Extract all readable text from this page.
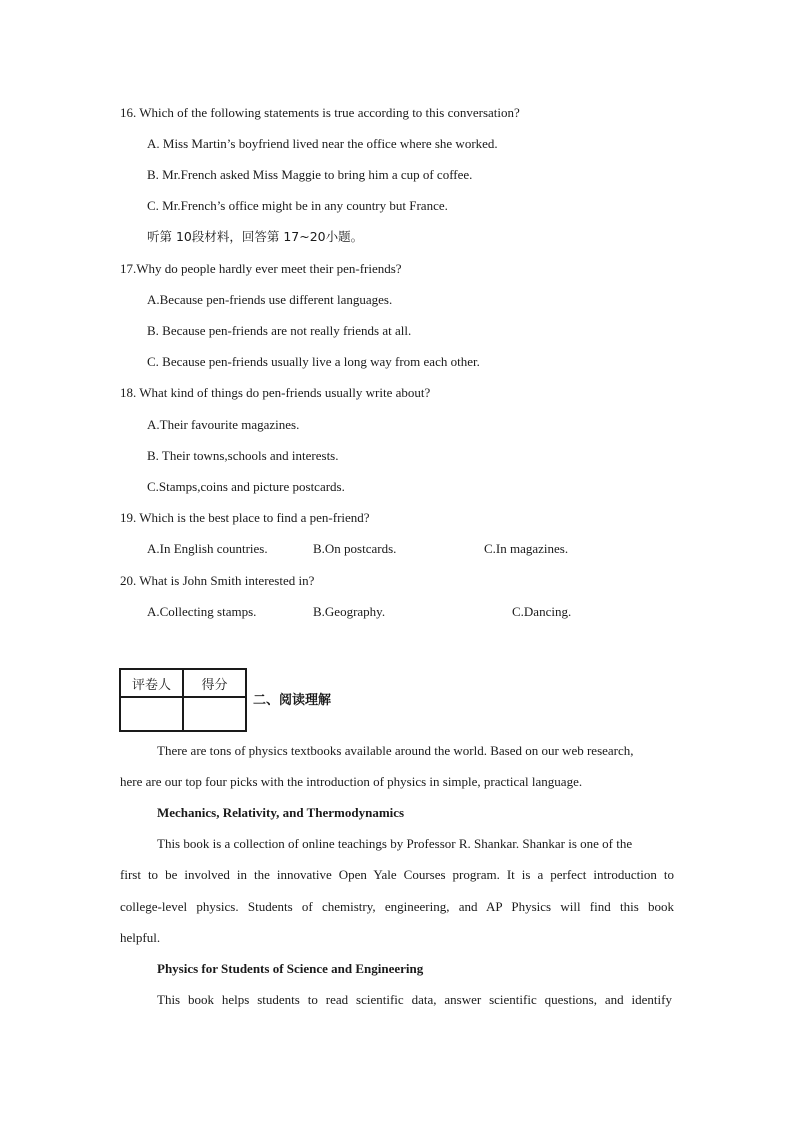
16. Which of the following statements is true according to this conversation?
A. Miss Martin’s boyfriend lived near the office where she worked.
B. Mr.French asked Miss Maggie to bring him a cup of coffee.
C. Mr.French’s office might be in any country but France.
听第 10段材料，回答第 17~20小题。
17.Why do people hardly ever meet their pen-friends?
A.Because pen-friends use different languages.
B. Because pen-friends are not really friends at all.
C. Because pen-friends usually live a long way from each other.
18. What kind of things do pen-friends usually write about?
A.Their favourite magazines.
B. Their towns,schools and interests.
C.Stamps,coins and picture postcards.
19. Which is the best place to find a pen-friend?
A.In English countries.	B.On postcards.	C.In magazines.
20. What is John Smith interested in?
A.Collecting stamps.	B.Geography.	C.Dancing.
评卷人	得分

二、阅读理解
There are tons of physics textbooks available around the world. Based on our web research,
here are our top four picks with the introduction of physics in simple, practical language.
Mechanics, Relativity, and Thermodynamics
This book is a collection of online teachings by Professor R. Shankar. Shankar is one of the
first to be involved in the innovative Open Yale Courses program. It is a perfect introduction to
college-level physics. Students of chemistry, engineering, and AP Physics will find this book
helpful.
Physics for Students of Science and Engineering
This book helps students to read scientific data, answer scientific questions, and identify
